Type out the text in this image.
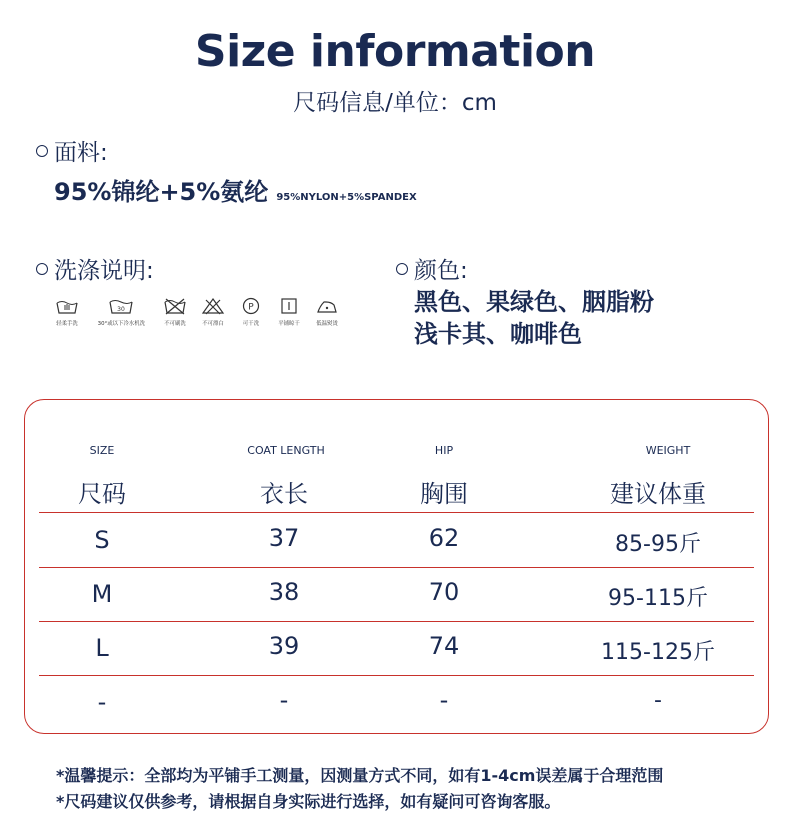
Size information
尺码信息/单位：cm
面料:
95%锦纶+5%氨纶 95%NYLON+5%SPANDEX
洗涤说明:
轻柔手洗
30
30°或以下冷水机洗	不可刷洗	不可漂白
P
可干洗	平铺晾干	低温熨烫
颜色:
黑色、果绿色、胭脂粉
浅卡其、咖啡色
SIZE	COAT LENGTH	HIP	WEIGHT
尺码	衣长	胸围	建议体重
S	37	62	85-95斤
M	38	70	95-115斤
L	39	74	115-125斤
-	-	-	-
*温馨提示：全部均为平铺手工测量，因测量方式不同，如有1-4cm误差属于合理范围
*尺码建议仅供参考，请根据自身实际进行选择，如有疑问可咨询客服。
